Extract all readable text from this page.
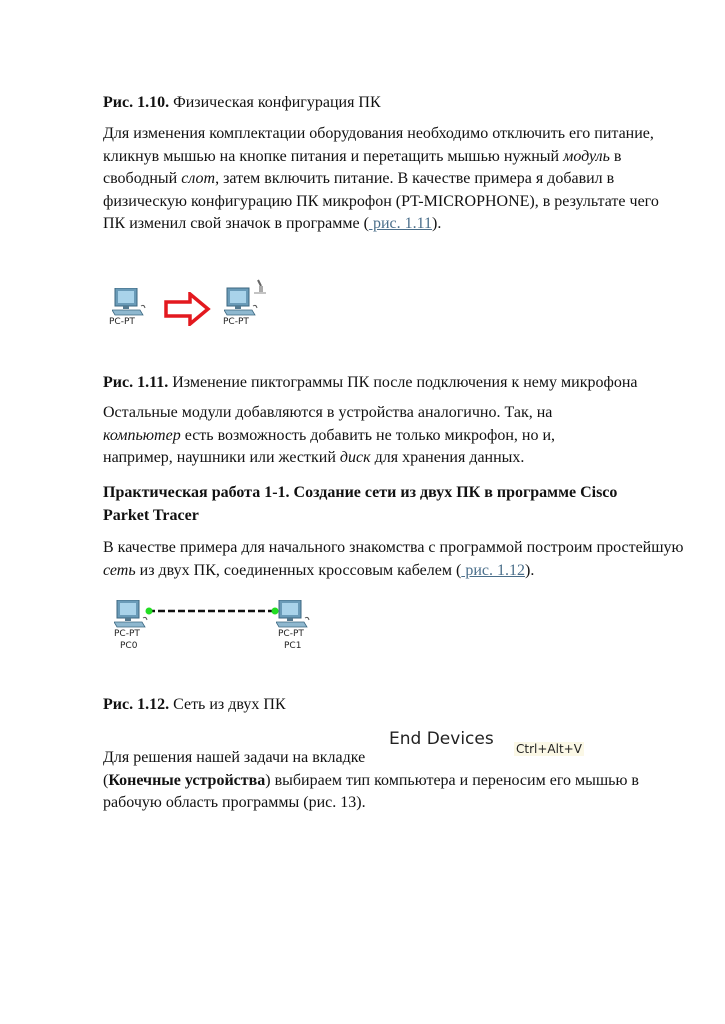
Рис. 1.10. Физическая конфигурация ПК
Для изменения комплектации оборудования необходимо отключить его питание, кликнув мышью на кнопке питания и перетащить мышью нужный модуль в свободный слот, затем включить питание. В качестве примера я добавил в физическую конфигурацию ПК микрофон (PT-MICROPHONE), в результате чего ПК изменил свой значок в программе ( рис. 1.11).
PC-PT	PC-PT
Рис. 1.11. Изменение пиктограммы ПК после подключения к нему микрофона
Остальные модули добавляются в устройства аналогично. Так, на компьютер есть возможность добавить не только микрофон, но и, например, наушники или жесткий диск для хранения данных.
Практическая работа 1-1. Создание сети из двух ПК в программе Cisco Parket Tracer
В качестве примера для начального знакомства с программой построим простейшую сеть из двух ПК, соединенных кроссовым кабелем ( рис. 1.12).
PC-PT
PC0
PC-PT
PC1
Рис. 1.12. Сеть из двух ПК
End Devices Ctrl+Alt+V
Для решения нашей задачи на вкладке
(Конечные устройства) выбираем тип компьютера и переносим его мышью в рабочую область программы (рис. 13).
